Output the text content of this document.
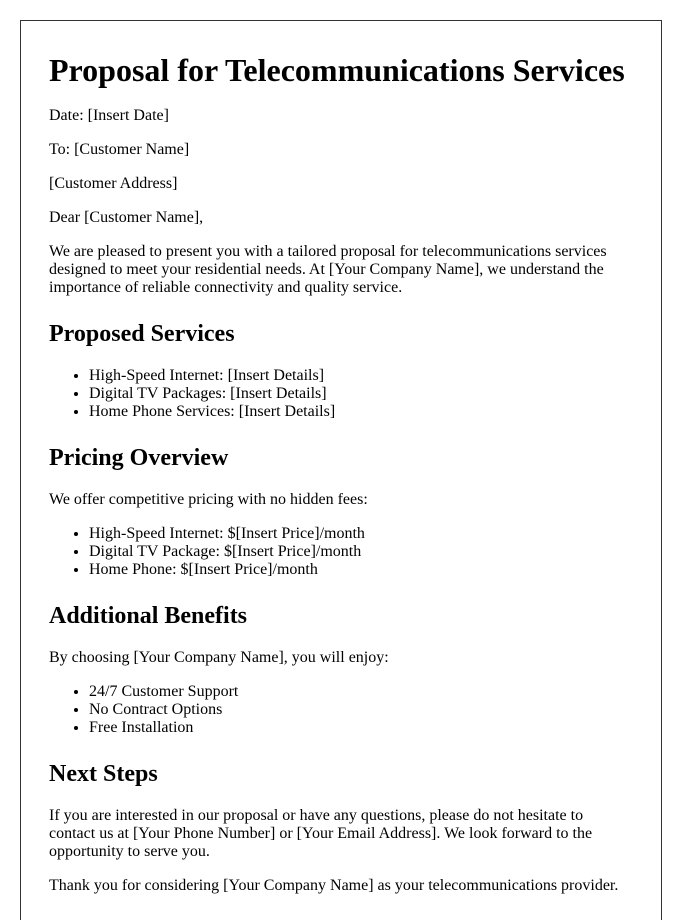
Proposal for Telecommunications Services

Date: [Insert Date]

To: [Customer Name]

[Customer Address]

Dear [Customer Name],

We are pleased to present you with a tailored proposal for telecommunications services designed to meet your residential needs. At [Your Company Name], we understand the importance of reliable connectivity and quality service.

Proposed Services
• High-Speed Internet: [Insert Details]
• Digital TV Packages: [Insert Details]
• Home Phone Services: [Insert Details]
Pricing Overview

We offer competitive pricing with no hidden fees:

• High-Speed Internet: $[Insert Price]/month
• Digital TV Package: $[Insert Price]/month
• Home Phone: $[Insert Price]/month
Additional Benefits

By choosing [Your Company Name], you will enjoy:

• 24/7 Customer Support
• No Contract Options
• Free Installation
Next Steps

If you are interested in our proposal or have any questions, please do not hesitate to contact us at [Your Phone Number] or [Your Email Address]. We look forward to the opportunity to serve you.

Thank you for considering [Your Company Name] as your telecommunications provider.
